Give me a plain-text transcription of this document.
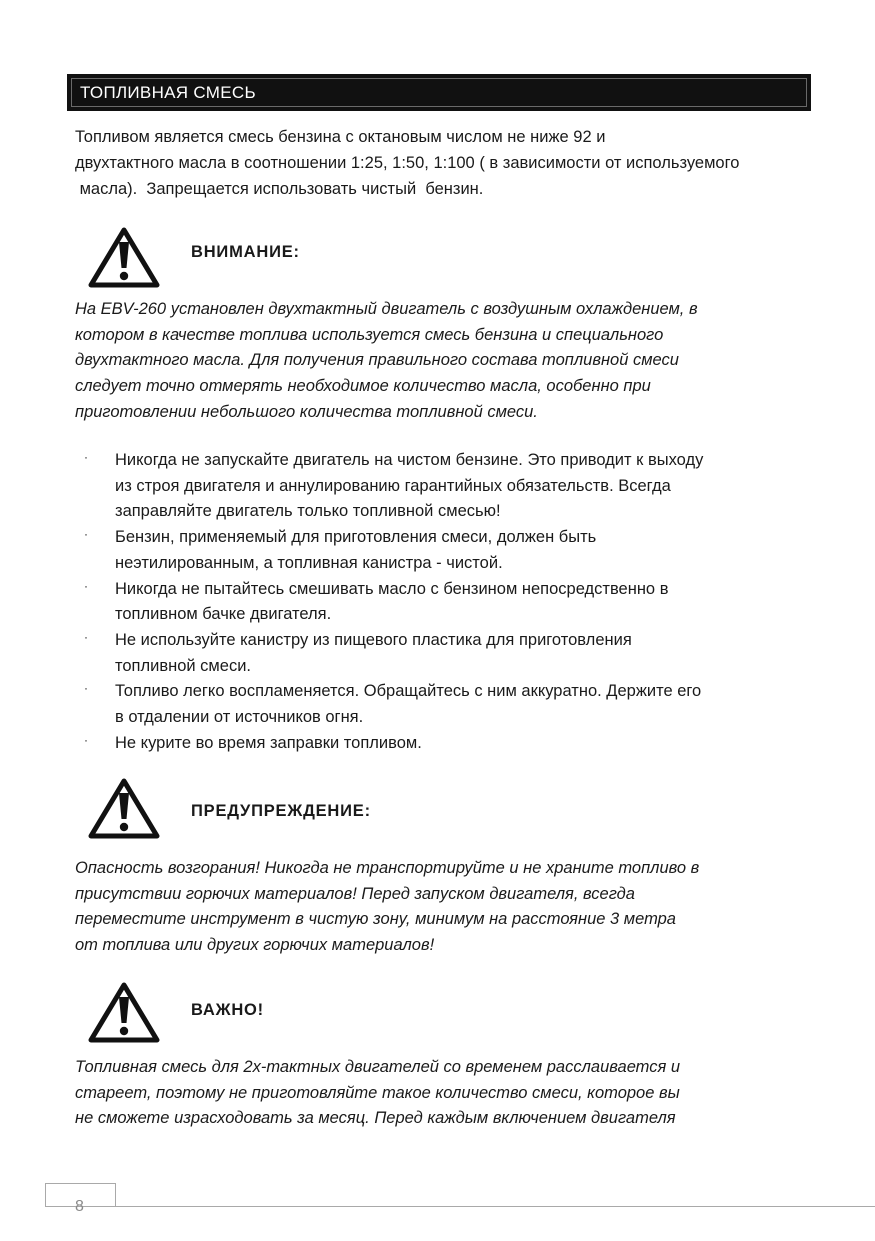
ТОПЛИВНАЯ СМЕСЬ

Топливом является смесь бензина с октановым числом не ниже 92 и
двухтактного масла в соотношении 1:25, 1:50, 1:100 ( в зависимости от используемого
масла).  Запрещается использовать чистый  бензин.

ВНИМАНИЕ:

На EBV-260 установлен двухтактный двигатель с воздушным охлаждением, в
котором в качестве топлива используется смесь бензина и специального
двухтактного масла. Для получения правильного состава топливной смеси
следует точно отмерять необходимое количество масла, особенно при
приготовлении небольшого количества топливной смеси.

· Никогда не запускайте двигатель на чистом бензине. Это приводит к выходу
из строя двигателя и аннулированию гарантийных обязательств. Всегда
заправляйте двигатель только топливной смесью!
· Бензин, применяемый для приготовления смеси, должен быть
неэтилированным, а топливная канистра - чистой.
· Никогда не пытайтесь смешивать масло с бензином непосредственно в
топливном бачке двигателя.
· Не используйте канистру из пищевого пластика для приготовления
топливной смеси.
· Топливо легко воспламеняется. Обращайтесь с ним аккуратно. Держите его
в отдалении от источников огня.
· Не курите во время заправки топливом.
ПРЕДУПРЕЖДЕНИЕ:

Опасность возгорания! Никогда не транспортируйте и не храните топливо в
присутствии горючих материалов! Перед запуском двигателя, всегда
переместите инструмент в чистую зону, минимум на расстояние 3 метра
от топлива или других горючих материалов!

ВАЖНО!

Топливная смесь для 2х-тактных двигателей со временем расслаивается и
стареет, поэтому не приготовляйте такое количество смеси, которое вы
не сможете израсходовать за месяц. Перед каждым включением двигателя

8
